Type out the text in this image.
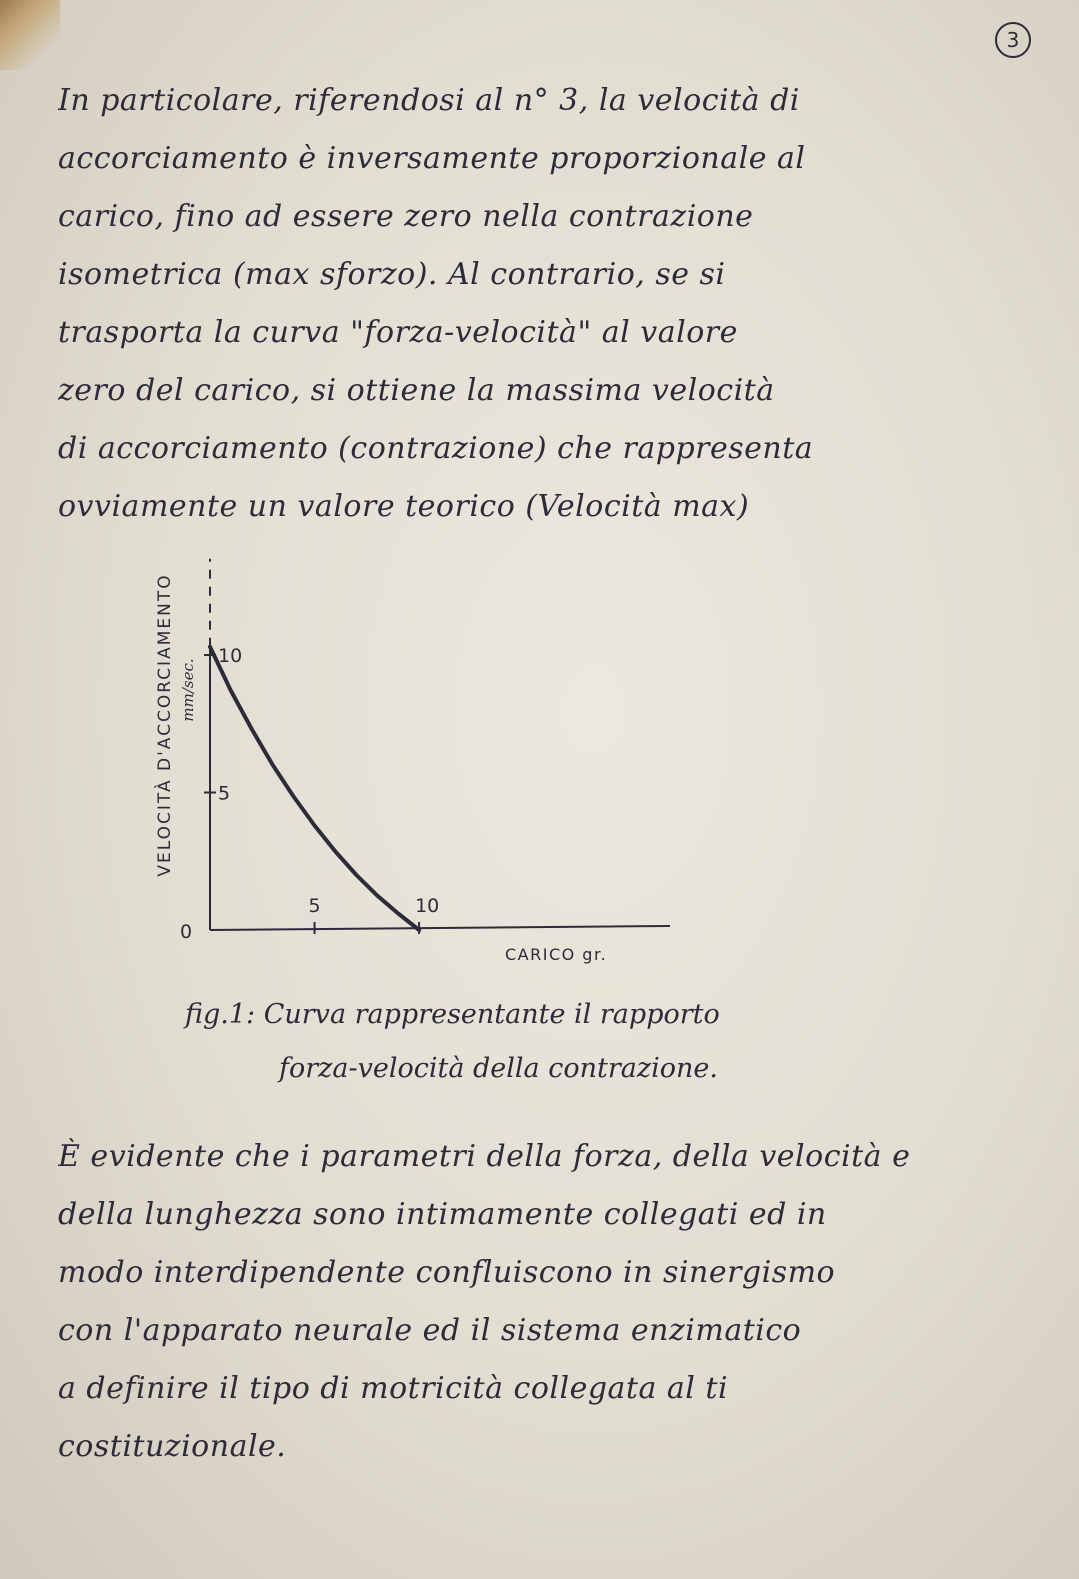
3
In particolare, riferendosi al n° 3, la velocità di
accorciamento è inversamente proporzionale al
carico, fino ad essere zero nella contrazione
isometrica (max sforzo). Al contrario, se si
trasporta la curva "forza-velocità" al valore
zero del carico, si ottiene la massima velocità
di accorciamento (contrazione) che rappresenta
ovviamente un valore teorico (Velocità max)
VELOCITÀ D'ACCORCIAMENTO mm/sec.
0
5	10
5
10
CARICO gr.
fig.1: Curva rappresentante il rapporto
forza-velocità della contrazione.
È evidente che i parametri della forza, della velocità e
della lunghezza sono intimamente collegati ed in
modo interdipendente confluiscono in sinergismo
con l'apparato neurale ed il sistema enzimatico
a definire il tipo di motricità collegata al ti
costituzionale.
